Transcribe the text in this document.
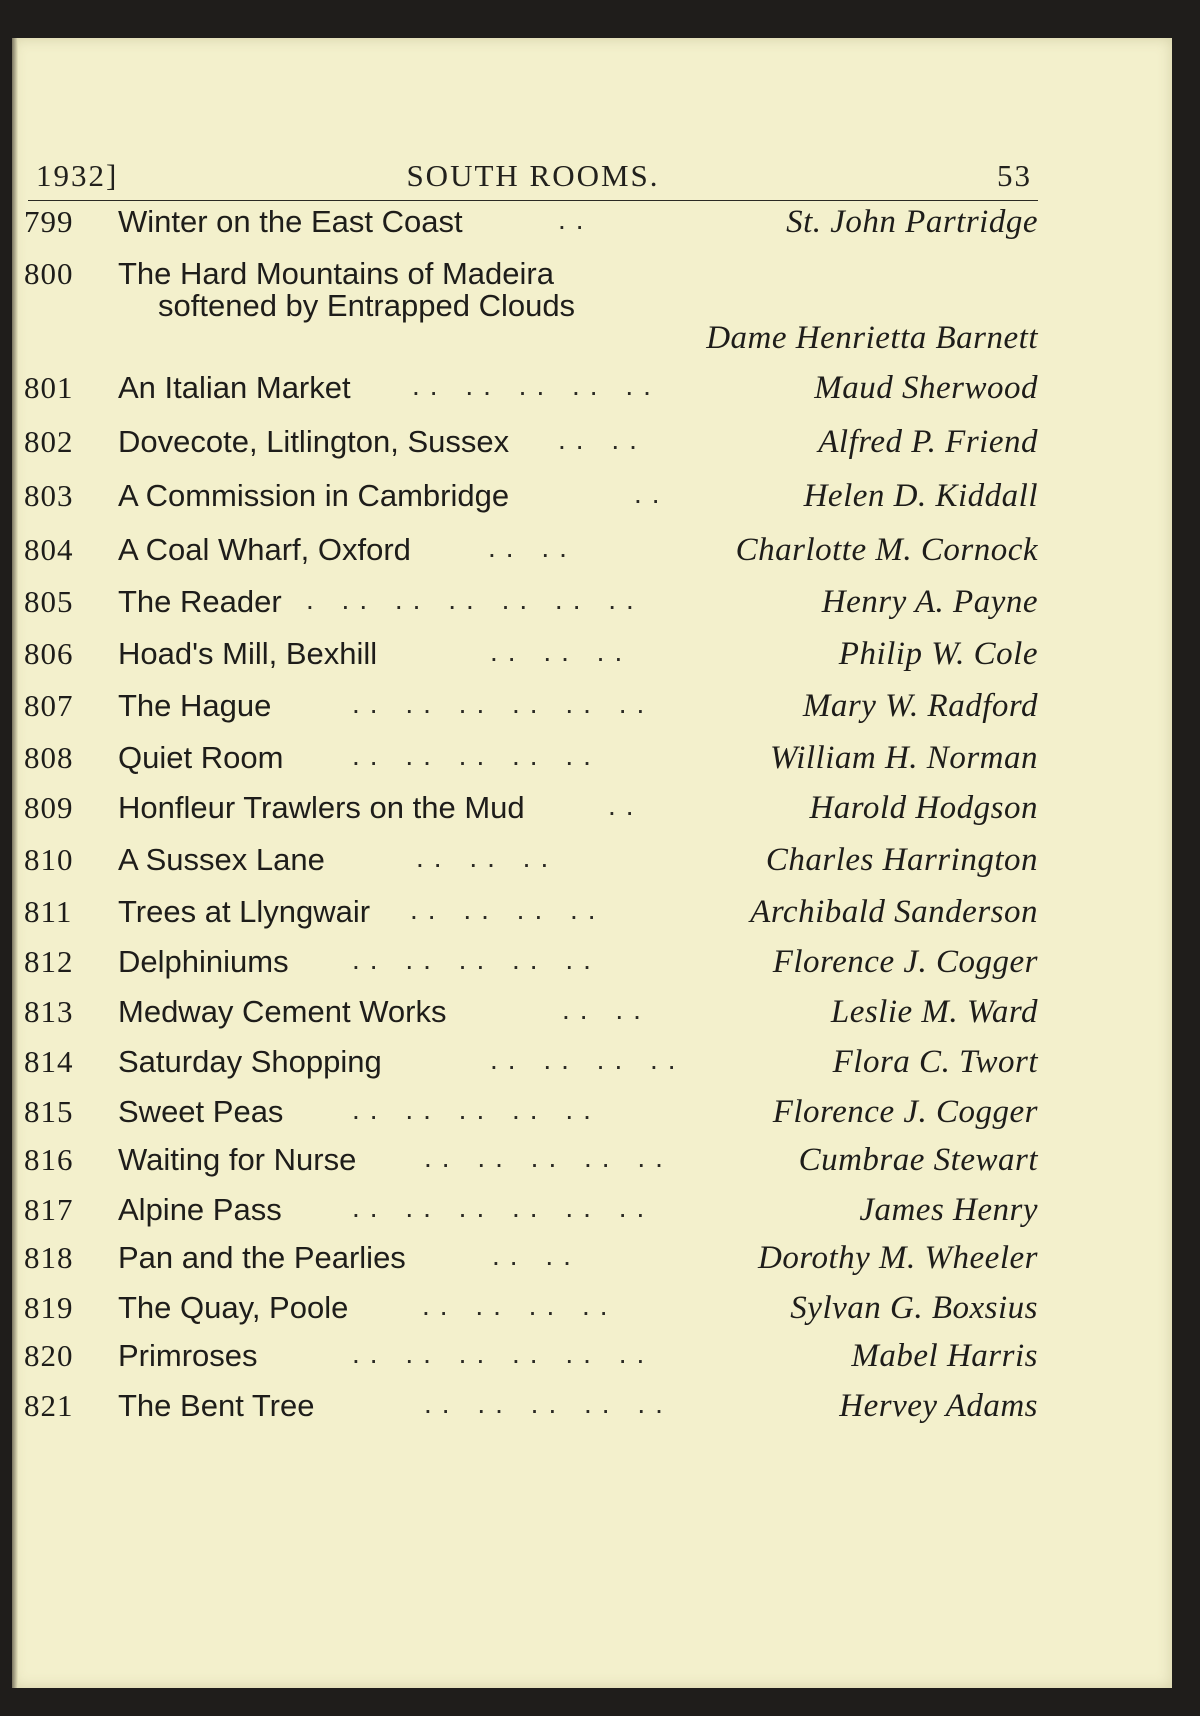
1932]	SOUTH ROOMS.	53
799	Winter on the East Coast	..	St. John Partridge
800	The Hard Mountains of Madeira
softened by Entrapped Clouds
Dame Henrietta Barnett
801	An Italian Market .. .. .. .. ..	Maud Sherwood
802	Dovecote, Litlington, Sussex .. ..	Alfred P. Friend
803	A Commission in Cambridge	..	Helen D. Kiddall
804	A Coal Wharf, Oxford	.. ..	Charlotte M. Cornock
805	The Reader . .. .. .. .. .. ..	Henry A. Payne
806	Hoad's Mill, Bexhill	.. .. ..	Philip W. Cole
807	The Hague	.. .. .. .. .. ..	Mary W. Radford
808	Quiet Room .. .. .. .. ..	William H. Norman
809	Honfleur Trawlers on the Mud	..	Harold Hodgson
810	A Sussex Lane	.. .. ..	Charles Harrington
811	Trees at Llyngwair .. .. .. ..	Archibald Sanderson
812	Delphiniums .. .. .. .. ..	Florence J. Cogger
813	Medway Cement Works	.. ..	Leslie M. Ward
814	Saturday Shopping	.. .. .. ..	Flora C. Twort
815	Sweet Peas .. .. .. .. ..	Florence J. Cogger
816	Waiting for Nurse .. .. .. .. ..	Cumbrae Stewart
817	Alpine Pass	.. .. .. .. .. ..	James Henry
818	Pan and the Pearlies	.. ..	Dorothy M. Wheeler
819	The Quay, Poole	.. .. .. ..	Sylvan G. Boxsius
820	Primroses	.. .. .. .. .. ..	Mabel Harris
821	The Bent Tree	.. .. .. .. ..	Hervey Adams
